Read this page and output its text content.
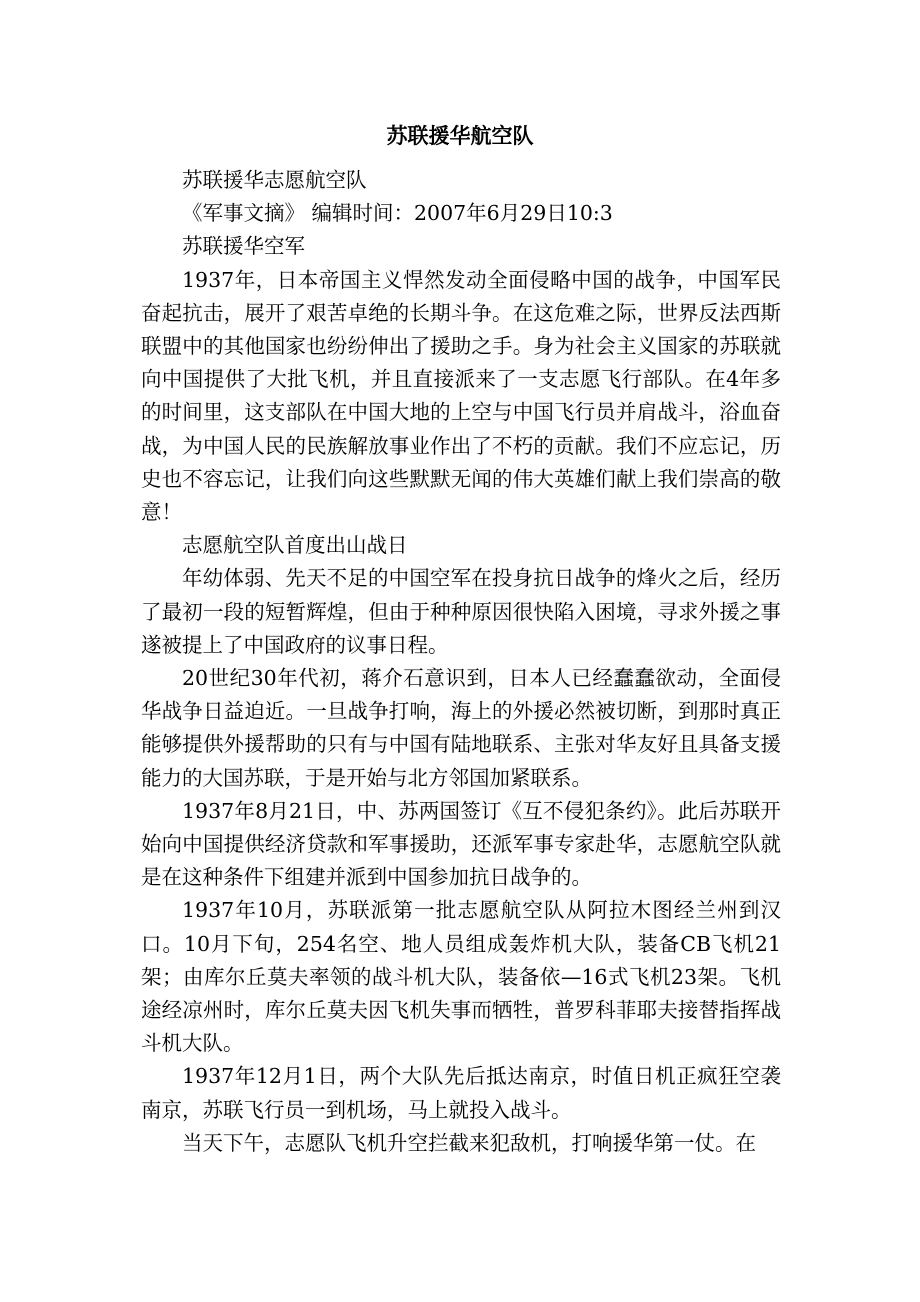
苏联援华航空队

苏联援华志愿航空队

《军事文摘》 编辑时间：2007年6月29日10:3

苏联援华空军

1937年，日本帝国主义悍然发动全面侵略中国的战争，中国军民奋起抗击，展开了艰苦卓绝的长期斗争。在这危难之际，世界反法西斯联盟中的其他国家也纷纷伸出了援助之手。身为社会主义国家的苏联就向中国提供了大批飞机，并且直接派来了一支志愿飞行部队。在4年多的时间里，这支部队在中国大地的上空与中国飞行员并肩战斗，浴血奋战，为中国人民的民族解放事业作出了不朽的贡献。我们不应忘记，历史也不容忘记，让我们向这些默默无闻的伟大英雄们献上我们崇高的敬意！

志愿航空队首度出山战日

年幼体弱、先天不足的中国空军在投身抗日战争的烽火之后，经历了最初一段的短暂辉煌，但由于种种原因很快陷入困境，寻求外援之事遂被提上了中国政府的议事日程。

20世纪30年代初，蒋介石意识到，日本人已经蠢蠢欲动，全面侵华战争日益迫近。一旦战争打响，海上的外援必然被切断，到那时真正能够提供外援帮助的只有与中国有陆地联系、主张对华友好且具备支援能力的大国苏联，于是开始与北方邻国加紧联系。

1937年8月21日，中、苏两国签订《互不侵犯条约》。此后苏联开始向中国提供经济贷款和军事援助，还派军事专家赴华，志愿航空队就是在这种条件下组建并派到中国参加抗日战争的。

1937年10月，苏联派第一批志愿航空队从阿拉木图经兰州到汉口。10月下旬，254名空、地人员组成轰炸机大队，装备CB飞机21架；由库尔丘莫夫率领的战斗机大队，装备依—16式飞机23架。飞机途经凉州时，库尔丘莫夫因飞机失事而牺牲，普罗科菲耶夫接替指挥战斗机大队。

1937年12月1日，两个大队先后抵达南京，时值日机正疯狂空袭南京，苏联飞行员一到机场，马上就投入战斗。

当天下午，志愿队飞机升空拦截来犯敌机，打响援华第一仗。在
